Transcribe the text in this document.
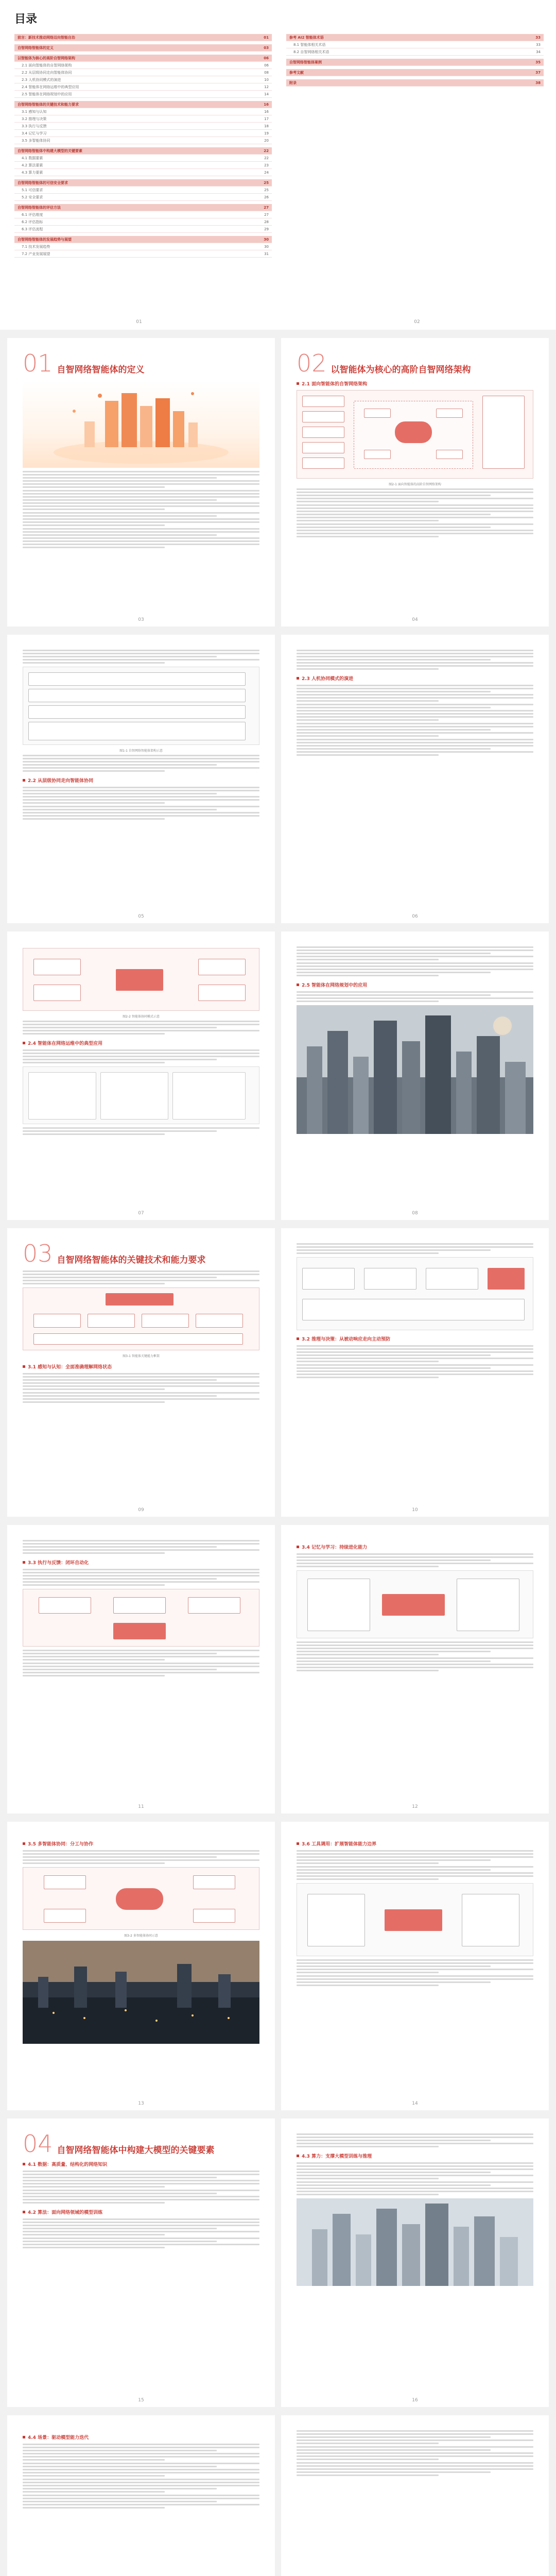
目录
前言：新技术推动网络迈向智能自治	01
自智网络智能体的定义	03
以智能体为核心的高阶自智网络架构	06
2.1 面向智能体的自智网络架构	06
2.2 从层级协同走向智能体协同	08
2.3 人机协同模式的演进	10
2.4 智能体在网络运维中的典型应用	12
2.5 智能体在网络规划中的应用	14
自智网络智能体的关键技术和能力要求	16
3.1 感知与认知	16
3.2 推理与决策	17
3.3 执行与反馈	18
3.4 记忆与学习	19
3.5 多智能体协同	20
自智网络智能体中构建大模型的关键要素	22
4.1 数据要素	22
4.2 算法要素	23
4.3 算力要素	24
自智网络智能体的可信安全要求	25
5.1 可信要求	25
5.2 安全要求	26
自智网络智能体的评估方法	27
6.1 评估维度	27
6.2 评估指标	28
6.3 评估流程	29
自智网络智能体的发展趋势与展望	30
7.1 技术发展趋势	30
7.2 产业发展展望	31
参考 AI2 智能体术语	33
8.1 智能体相关术语	33
8.2 自智网络相关术语	34
自智网络智能体案例	35
参考文献	37
附录	38
01	02
01 自智网络智能体的定义
03
02 以智能体为核心的高阶自智网络架构
2.1 面向智能体的自智网络架构
图2-1 面向智能体的高阶自智网络架构
04
图1-1 自智网络智能体架构示意
2.2 从层级协同走向智能体协同
05
2.3 人机协同模式的演进
06
图2-2 智能体协同模式示意
2.4 智能体在网络运维中的典型应用
07
2.5 智能体在网络规划中的应用
08
03 自智网络智能体的关键技术和能力要求
图3-1 智能体关键能力框架
3.1 感知与认知：全面准确理解网络状态
09
3.2 推理与决策：从被动响应走向主动预防
10
3.3 执行与反馈：闭环自动化
11
3.4 记忆与学习：持续进化能力
12
3.5 多智能体协同：分工与协作
图3-2 多智能体协同示意
13
3.6 工具调用：扩展智能体能力边界
14
04 自智网络智能体中构建大模型的关键要素
4.1 数据：高质量、结构化的网络知识
4.2 算法：面向网络领域的模型训练
15
4.3 算力：支撑大模型训练与推理
16
4.4 场景：驱动模型能力迭代
